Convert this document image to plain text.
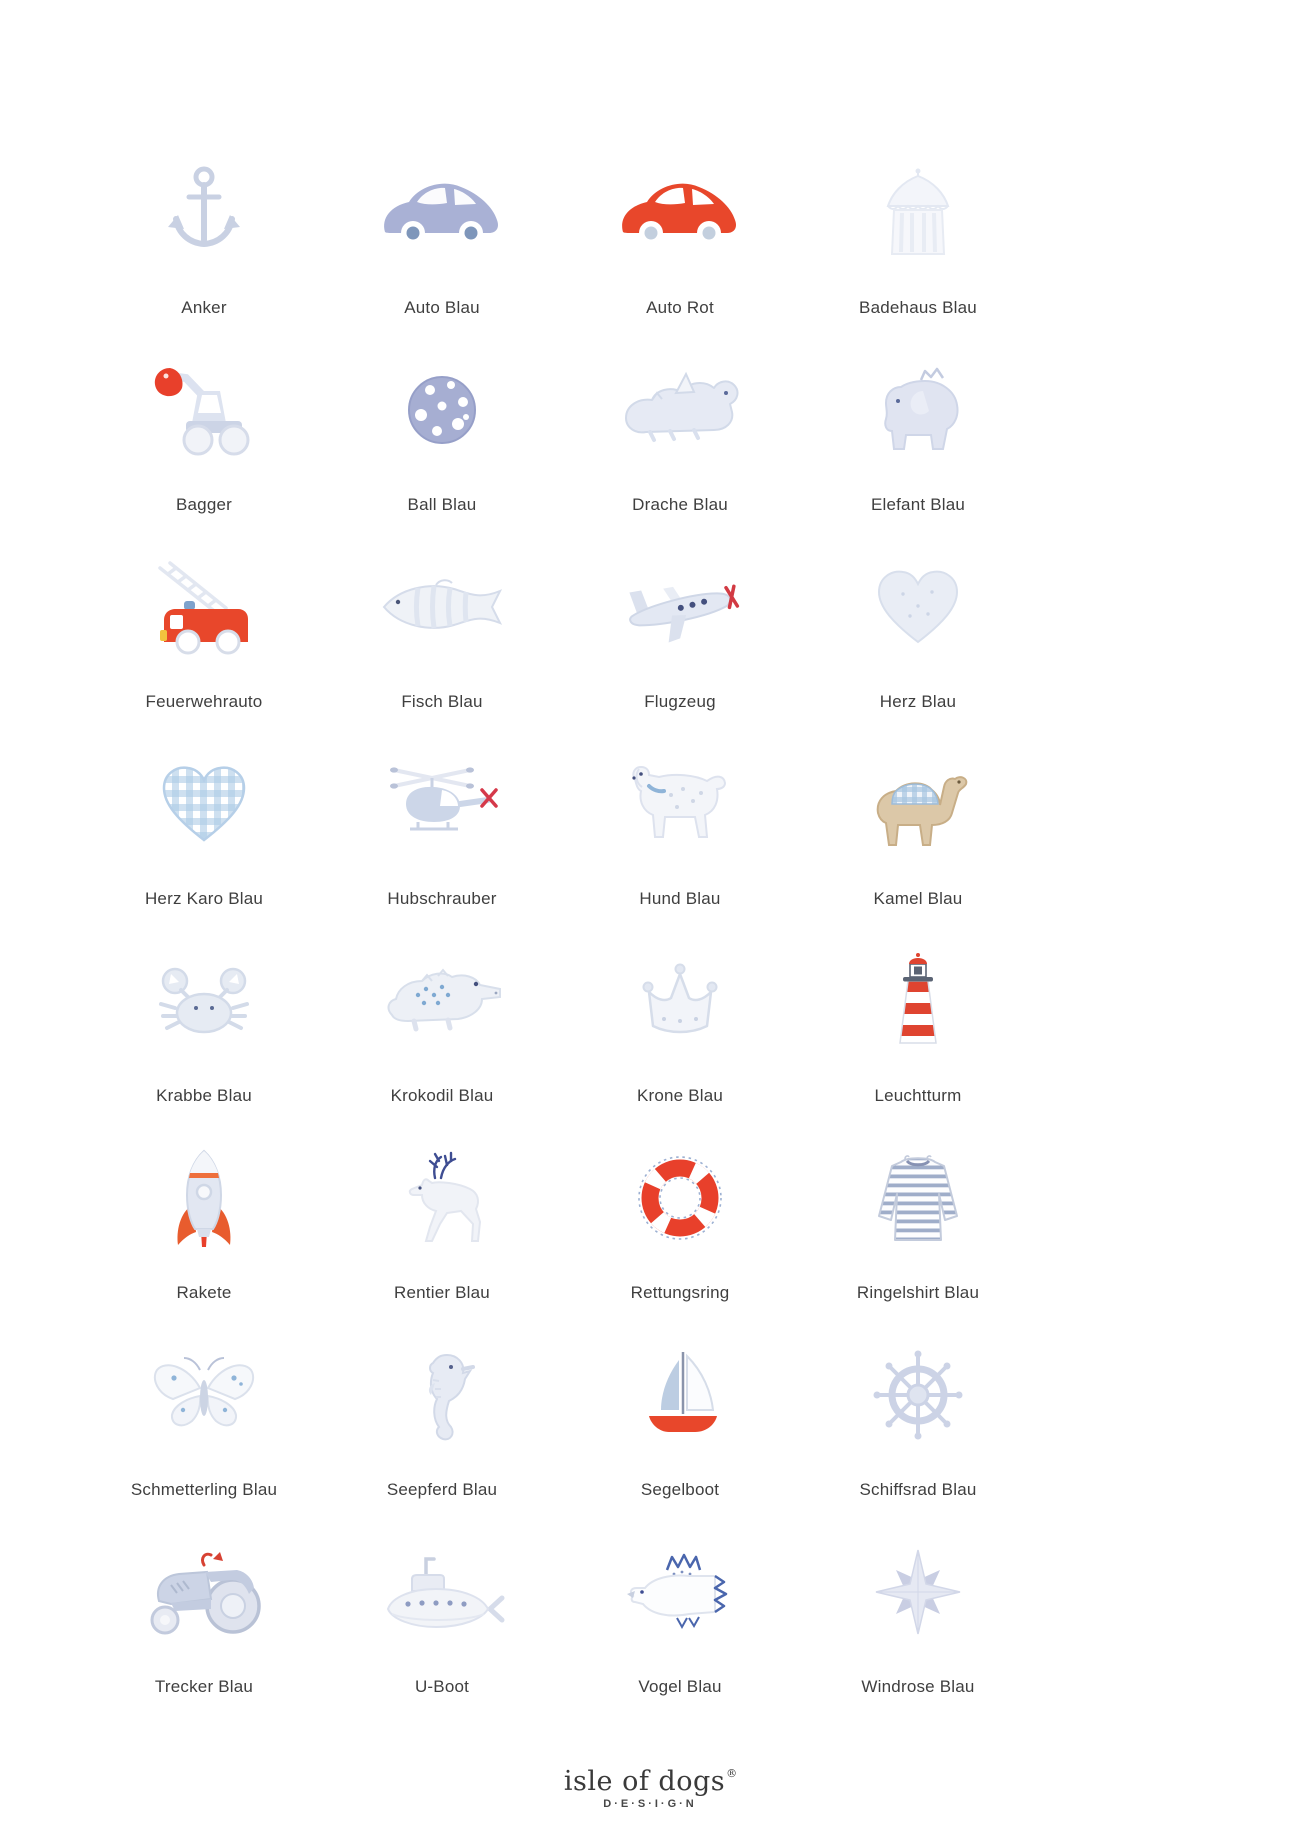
Anker	Auto Blau	Auto Rot	Badehaus Blau
Bagger	Ball Blau	Drache Blau	Elefant Blau
Feuerwehrauto	Fisch Blau	Flugzeug	Herz Blau
Herz Karo Blau	Hubschrauber	Hund Blau	Kamel Blau
Krabbe Blau	Krokodil Blau	Krone Blau	Leuchtturm
Rakete	Rentier Blau	Rettungsring	Ringelshirt Blau
Schmetterling Blau	Seepferd Blau	Segelboot	Schiffsrad Blau
Trecker Blau	U-Boot	Vogel Blau	Windrose Blau
isle of dogs®
D·E·S·I·G·N
